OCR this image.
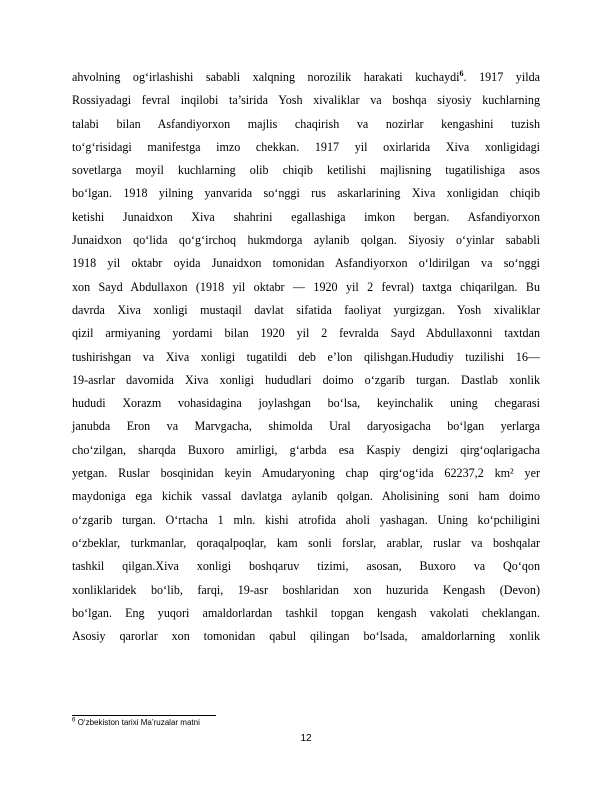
ahvolning og‘irlashishi sababli xalqning norozilik harakati kuchaydi$^6$. 1917 yilda
Rossiyadagi fevral inqilobi ta’sirida Yosh xivaliklar va boshqa siyosiy kuchlarning
talabi bilan Asfandiyorxon majlis chaqirish va nozirlar kengashini tuzish
to‘g‘risidagi manifestga imzo chekkan. 1917 yil oxirlarida Xiva xonligidagi
sovetlarga moyil kuchlarning olib chiqib ketilishi majlisning tugatilishiga asos
bo‘lgan. 1918 yilning yanvarida so‘nggi rus askarlarining Xiva xonligidan chiqib
ketishi Junaidxon Xiva shahrini egallashiga imkon bergan. Asfandiyorxon
Junaidxon qo‘lida qo‘g‘irchoq hukmdorga aylanib qolgan. Siyosiy o‘yinlar sababli
1918 yil oktabr oyida Junaidxon tomonidan Asfandiyorxon o‘ldirilgan va so‘nggi
xon Sayd Abdullaxon (1918 yil oktabr — 1920 yil 2 fevral) taxtga chiqarilgan. Bu
davrda Xiva xonligi mustaqil davlat sifatida faoliyat yurgizgan. Yosh xivaliklar
qizil armiyaning yordami bilan 1920 yil 2 fevralda Sayd Abdullaxonni taxtdan
tushirishgan va Xiva xonligi tugatildi deb e’lon qilishgan.Hududiy tuzilishi 16—
19-asrlar davomida Xiva xonligi hududlari doimo o‘zgarib turgan. Dastlab xonlik
hududi Xorazm vohasidagina joylashgan bo‘lsa, keyinchalik uning chegarasi
janubda Eron va Marvgacha, shimolda Ural daryosigacha bo‘lgan yerlarga
cho‘zilgan, sharqda Buxoro amirligi, g‘arbda esa Kaspiy dengizi qirg‘oqlarigacha
yetgan. Ruslar bosqinidan keyin Amudaryoning chap qirg‘og‘ida 62237,2 km² yer
maydoniga ega kichik vassal davlatga aylanib qolgan. Aholisining soni ham doimo
o‘zgarib turgan. O‘rtacha 1 mln. kishi atrofida aholi yashagan. Uning ko‘pchiligini
o‘zbeklar, turkmanlar, qoraqalpoqlar, kam sonli forslar, arablar, ruslar va boshqalar
tashkil qilgan.Xiva xonligi boshqaruv tizimi, asosan, Buxoro va Qo‘qon
xonliklaridek bo‘lib, farqi, 19-asr boshlaridan xon huzurida Kengash (Devon)
bo‘lgan. Eng yuqori amaldorlardan tashkil topgan kengash vakolati cheklangan.
Asosiy qarorlar xon tomonidan qabul qilingan bo‘lsada, amaldorlarning xonlik
$^6$ O‘zbekiston tarixi Ma’ruzalar matni
12
